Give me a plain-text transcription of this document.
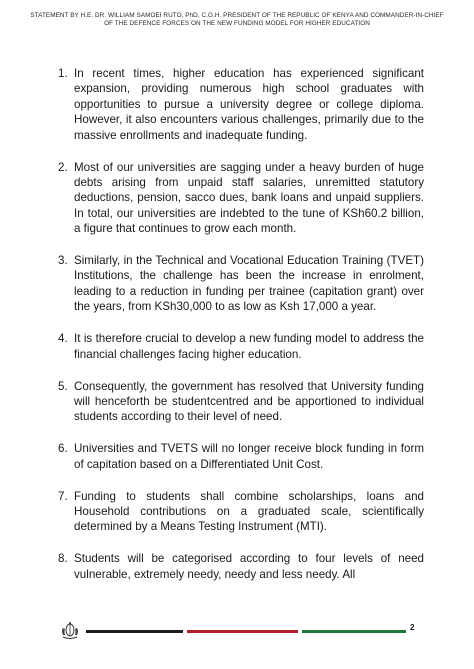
STATEMENT BY H.E. DR. WILLIAM SAMOEI RUTO, PhD, C.G.H. PRESIDENT OF THE REPUBLIC OF KENYA AND COMMANDER-IN-CHIEF
OF THE DEFENCE FORCES ON THE NEW FUNDING MODEL FOR HIGHER EDUCATION
1. In recent times, higher education has experienced significant expansion, providing numerous high school graduates with opportunities to pursue a university degree or college diploma. However, it also encounters various challenges, primarily due to the massive enrollments and inadequate funding.
2. Most of our universities are sagging under a heavy burden of huge debts arising from unpaid staff salaries, unremitted statutory deductions, pension, sacco dues, bank loans and unpaid suppliers. In total, our universities are indebted to the tune of KSh60.2 billion, a figure that continues to grow each month.
3. Similarly, in the Technical and Vocational Education Training (TVET) Institutions, the challenge has been the increase in enrolment, leading to a reduction in funding per trainee (capitation grant) over the years, from KSh30,000 to as low as Ksh 17,000 a year.
4. It is therefore crucial to develop a new funding model to address the financial challenges facing higher education.
5. Consequently, the government has resolved that University funding will henceforth be studentcentred and be apportioned to individual students according to their level of need.
6. Universities and TVETS will no longer receive block funding in form of capitation based on a Differentiated Unit Cost.
7. Funding to students shall combine scholarships, loans and Household contributions on a graduated scale, scientifically determined by a Means Testing Instrument (MTI).
8. Students will be categorised according to four levels of need vulnerable, extremely needy, needy and less needy. All
2
